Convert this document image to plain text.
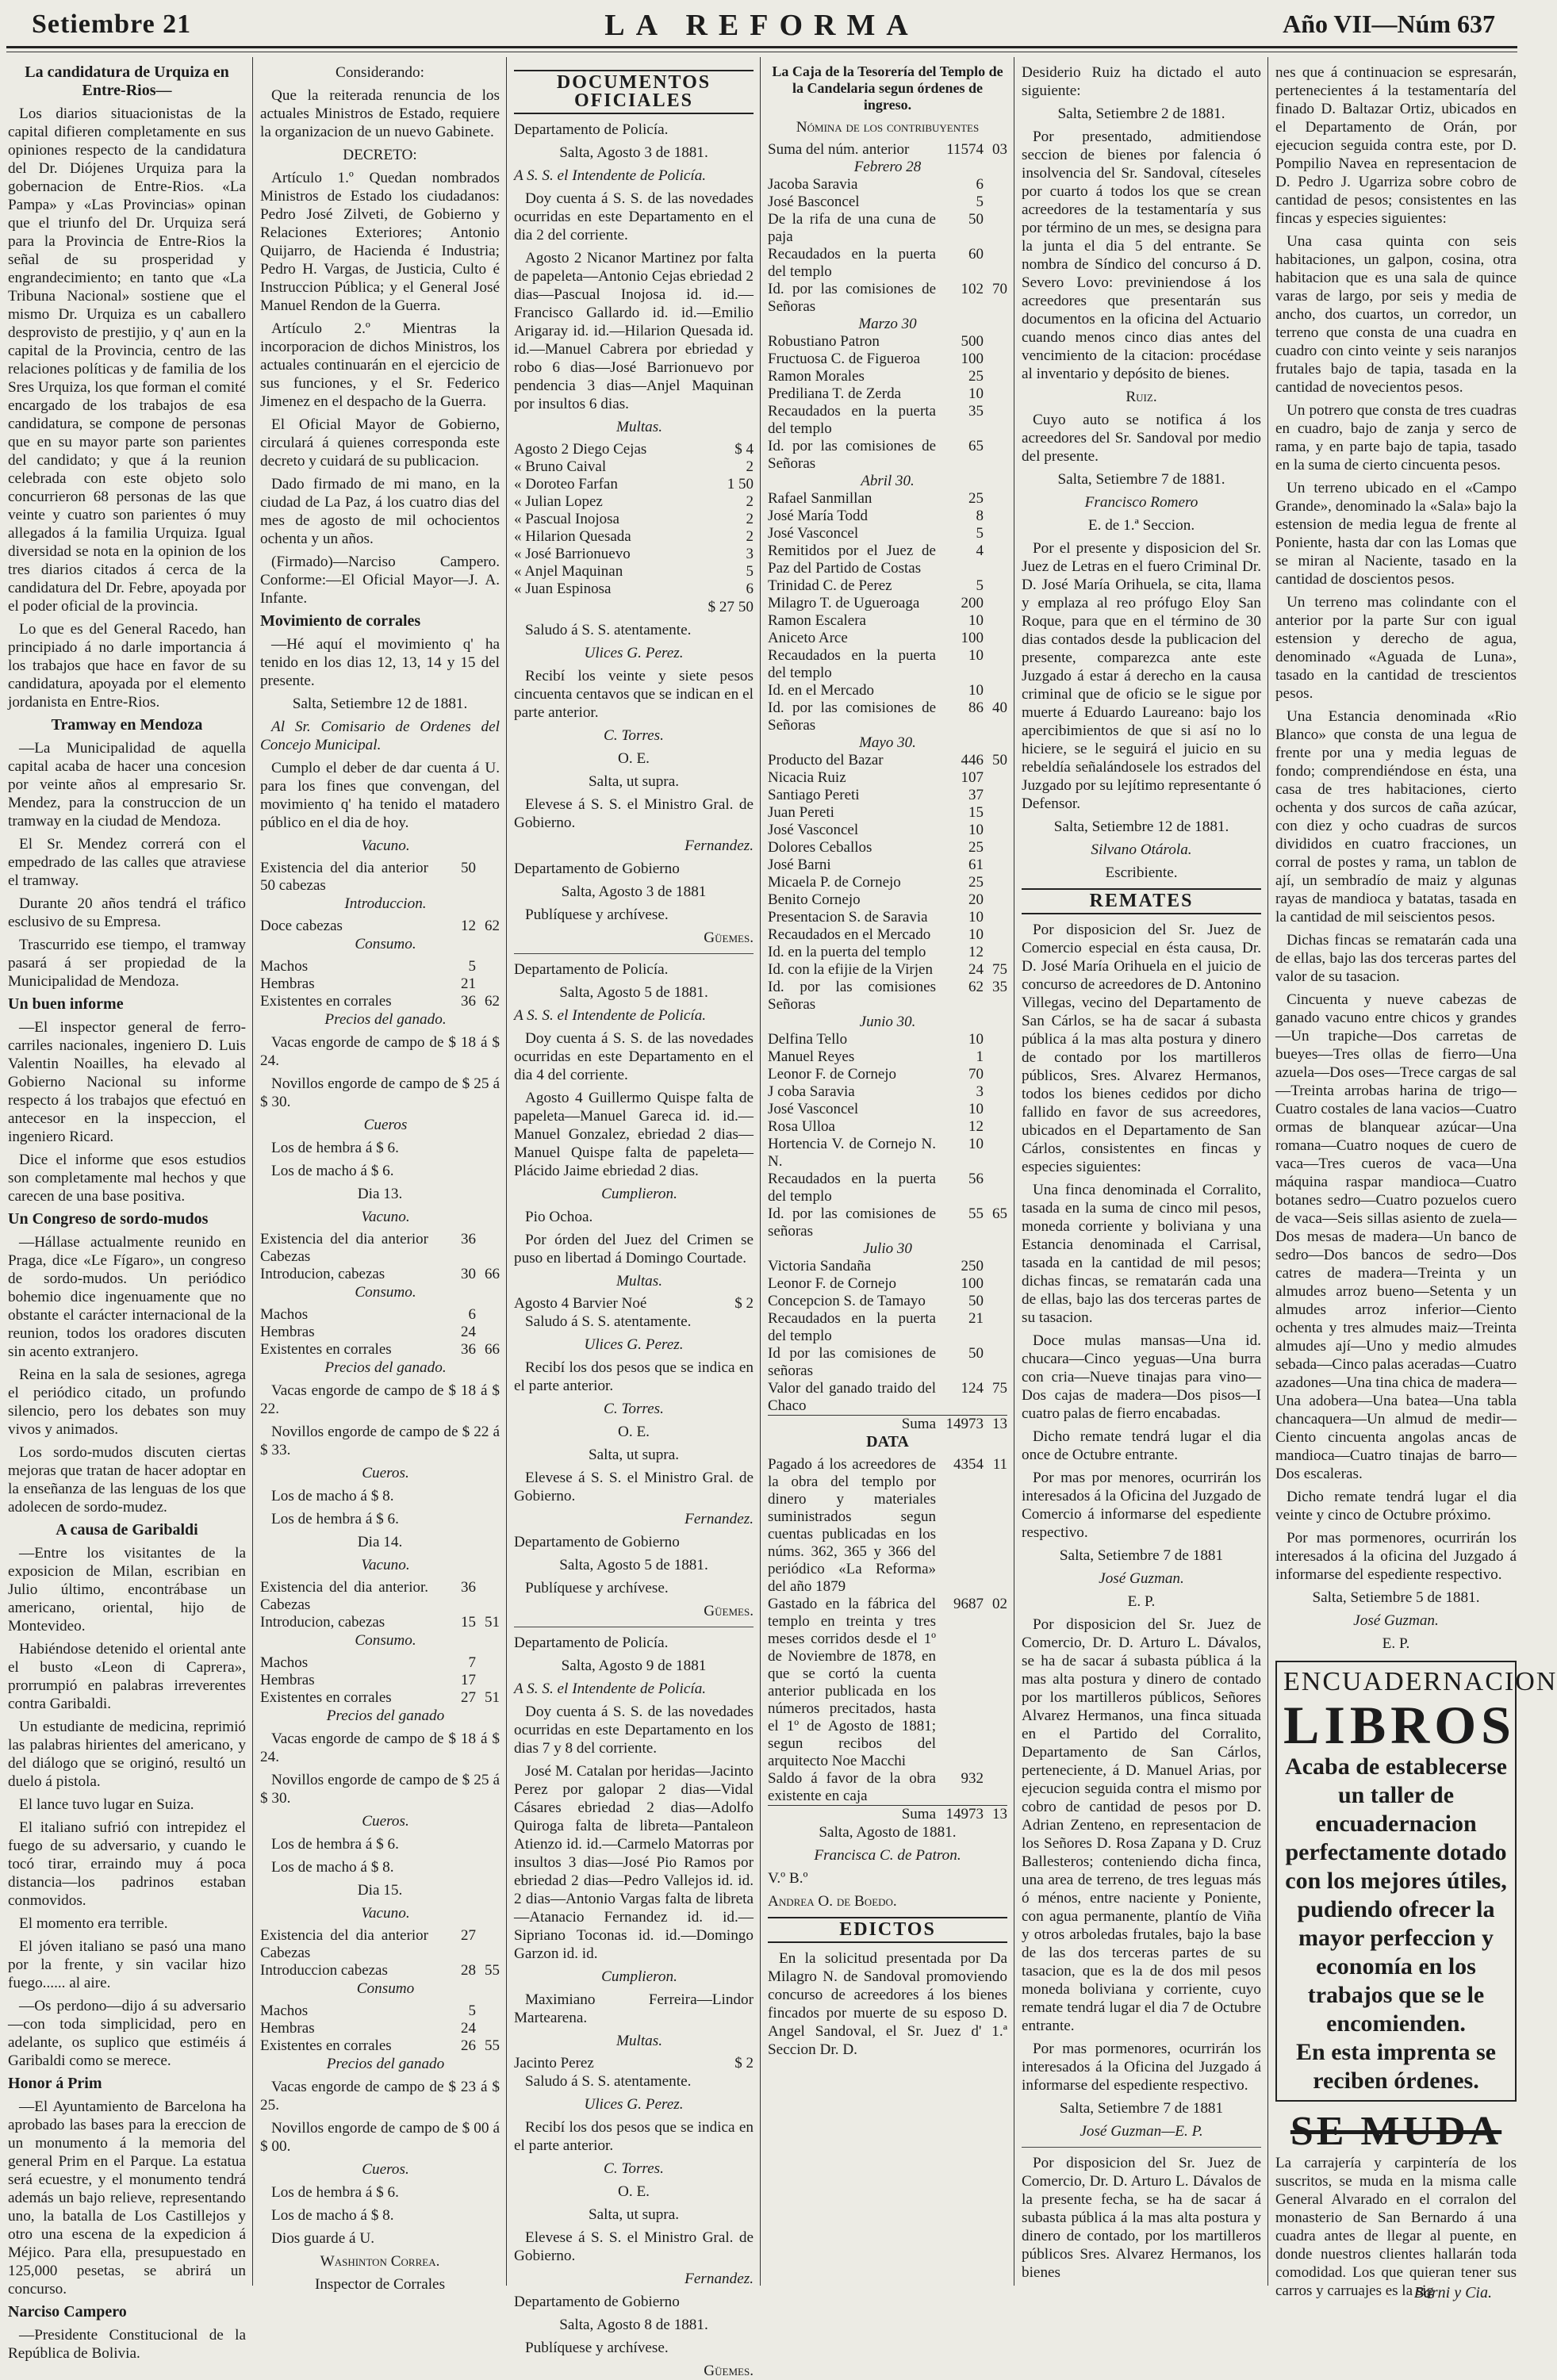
Setiembre 21	LA REFORMA	Año VII—Núm 637

La candidatura de Urquiza en Entre-Rios—

Los diarios situacionistas de la capital difieren completamente en sus opiniones respecto de la candidatura del Dr. Diójenes Urquiza para la gobernacion de Entre-Rios. «La Pampa» y «Las Provincias» opinan que el triunfo del Dr. Urquiza será para la Provincia de Entre-Rios la señal de su prosperidad y engrandecimiento; en tanto que «La Tribuna Nacional» sostiene que el mismo Dr. Urquiza es un caballero desprovisto de prestijio, y q' aun en la capital de la Provincia, centro de las relaciones políticas y de familia de los Sres Urquiza, los que forman el comité encargado de los trabajos de esa candidatura, se compone de personas que en su mayor parte son parientes del candidato; y que á la reunion celebrada con este objeto solo concurrieron 68 personas de las que veinte y cuatro son parientes ó muy allegados á la familia Urquiza. Igual diversidad se nota en la opinion de los tres diarios citados á cerca de la candidatura del Dr. Febre, apoyada por el poder oficial de la provincia.

Lo que es del General Racedo, han principiado á no darle importancia á los trabajos que hace en favor de su candidatura, apoyada por el elemento jordanista en Entre-Rios.

Tramway en Mendoza

—La Municipalidad de aquella capital acaba de hacer una concesion por veinte años al empresario Sr. Mendez, para la construccion de un tramway en la ciudad de Mendoza.

El Sr. Mendez correrá con el empedrado de las calles que atraviese el tramway.

Durante 20 años tendrá el tráfico esclusivo de su Empresa.

Trascurrido ese tiempo, el tramway pasará á ser propiedad de la Municipalidad de Mendoza.

Un buen informe

—El inspector general de ferro-carriles nacionales, ingeniero D. Luis Valentin Noailles, ha elevado al Gobierno Nacional su informe respecto á los trabajos que efectuó en antecesor en la inspeccion, el ingeniero Ricard.

Dice el informe que esos estudios son completamente mal hechos y que carecen de una base positiva.

Un Congreso de sordo-mudos

—Hállase actualmente reunido en Praga, dice «Le Fígaro», un congreso de sordo-mudos. Un periódico bohemio dice ingenuamente que no obstante el carácter internacional de la reunion, todos los oradores discuten sin acento extranjero.

Reina en la sala de sesiones, agrega el periódico citado, un profundo silencio, pero los debates son muy vivos y animados.

Los sordo-mudos discuten ciertas mejoras que tratan de hacer adoptar en la enseñanza de las lenguas de los que adolecen de sordo-mudez.

A causa de Garibaldi

—Entre los visitantes de la exposicion de Milan, escribian en Julio último, encontrábase un americano, oriental, hijo de Montevideo.

Habiéndose detenido el oriental ante el busto «Leon di Caprera», prorrumpió en palabras irreverentes contra Garibaldi.

Un estudiante de medicina, reprimió las palabras hirientes del americano, y del diálogo que se originó, resultó un duelo á pistola.

El lance tuvo lugar en Suiza.

El italiano sufrió con intrepidez el fuego de su adversario, y cuando le tocó tirar, erraindo muy á poca distancia—los padrinos estaban conmovidos.

El momento era terrible.

El jóven italiano se pasó una mano por la frente, y sin vacilar hizo fuego...... al aire.

—Os perdono—dijo á su adversario—con toda simplicidad, pero en adelante, os suplico que estiméis á Garibaldi como se merece.

Honor á Prim

—El Ayuntamiento de Barcelona ha aprobado las bases para la ereccion de un monumento á la memoria del general Prim en el Parque. La estatua será ecuestre, y el monumento tendrá además un bajo relieve, representando uno, la batalla de Los Castillejos y otro una escena de la expedicion á Méjico. Para ella, presupuestado en 125,000 pesetas, se abrirá un concurso.

Narciso Campero

—Presidente Constitucional de la República de Bolivia.

Considerando:

Que la reiterada renuncia de los actuales Ministros de Estado, requiere la organizacion de un nuevo Gabinete.

DECRETO:

Artículo 1.º Quedan nombrados Ministros de Estado los ciudadanos: Pedro José Zilveti, de Gobierno y Relaciones Exteriores; Antonio Quijarro, de Hacienda é Industria; Pedro H. Vargas, de Justicia, Culto é Instruccion Pública; y el General José Manuel Rendon de la Guerra.

Artículo 2.º Mientras la incorporacion de dichos Ministros, los actuales continuarán en el ejercicio de sus funciones, y el Sr. Federico Jimenez en el despacho de la Guerra.

El Oficial Mayor de Gobierno, circulará á quienes corresponda este decreto y cuidará de su publicacion.

Dado firmado de mi mano, en la ciudad de La Paz, á los cuatro dias del mes de agosto de mil ochocientos ochenta y un años.

(Firmado)—Narciso Campero. Conforme:—El Oficial Mayor—J. A. Infante.

Movimiento de corrales

—Hé aquí el movimiento q' ha tenido en los dias 12, 13, 14 y 15 del presente.

Salta, Setiembre 12 de 1881.

Al Sr. Comisario de Ordenes del Concejo Municipal.

Cumplo el deber de dar cuenta á U. para los fines que convengan, del movimiento q' ha tenido el matadero público en el dia de hoy.

Vacuno.

Existencia del dia anterior 50 cabezas	50	

Introduccion.

Doce cabezas	12	62

Consumo.

Machos	5	
Hembras	21	
Existentes en corrales	36	62

Precios del ganado.

Vacas engorde de campo de $ 18 á $ 24.

Novillos engorde de campo de $ 25 á $ 30.

Cueros

Los de hembra á $ 6.

Los de macho á $ 6.

Dia 13.

Vacuno.

Existencia del dia anterior Cabezas	36	
Introducion, cabezas	30	66

Consumo.

Machos	6	
Hembras	24	
Existentes en corrales	36	66

Precios del ganado.

Vacas engorde de campo de $ 18 á $ 22.

Novillos engorde de campo de $ 22 á $ 33.

Cueros.

Los de macho á $ 8.

Los de hembra á $ 6.

Dia 14.

Vacuno.

Existencia del dia anterior. Cabezas	36	
Introducion, cabezas	15	51

Consumo.

Machos	7	
Hembras	17	
Existentes en corrales	27	51

Precios del ganado

Vacas engorde de campo de $ 18 á $ 24.

Novillos engorde de campo de $ 25 á $ 30.

Cueros.

Los de hembra á $ 6.

Los de macho á $ 8.

Dia 15.

Vacuno.

Existencia del dia anterior Cabezas	27	
Introduccion cabezas	28	55

Consumo

Machos	5	
Hembras	24	
Existentes en corrales	26	55

Precios del ganado

Vacas engorde de campo de $ 23 á $ 25.

Novillos engorde de campo de $ 00 á $ 00.

Cueros.

Los de hembra á $ 6.

Los de macho á $ 8.

Dios guarde á U.

Washinton Correa.

Inspector de Corrales

DOCUMENTOS OFICIALES

Departamento de Policía.

Salta, Agosto 3 de 1881.

A S. S. el Intendente de Policía.

Doy cuenta á S. S. de las novedades ocurridas en este Departamento en el dia 2 del corriente.

Agosto 2 Nicanor Martinez por falta de papeleta—Antonio Cejas ebriedad 2 dias—Pascual Inojosa id. id.—Francisco Gallardo id. id.—Emilio Arigaray id. id.—Hilarion Quesada id. id.—Manuel Cabrera por ebriedad y robo 6 dias—José Barrionuevo por pendencia 3 dias—Anjel Maquinan por insultos 6 dias.

Multas.

Agosto 2 Diego Cejas	$ 4
« Bruno Caival	2
« Doroteo Farfan	1 50
« Julian Lopez	2
« Pascual Inojosa	2
« Hilarion Quesada	2
« José Barrionuevo	3
« Anjel Maquinan	5
« Juan Espinosa	6

$ 27 50

Saludo á S. S. atentamente.

Ulices G. Perez.

Recibí los veinte y siete pesos cincuenta centavos que se indican en el parte anterior.

C. Torres.

O. E.

Salta, ut supra.

Elevese á S. S. el Ministro Gral. de Gobierno.

Fernandez.

Departamento de Gobierno

Salta, Agosto 3 de 1881

Publíquese y archívese.

Güemes.

Departamento de Policía.

Salta, Agosto 5 de 1881.

A S. S. el Intendente de Policía.

Doy cuenta á S. S. de las novedades ocurridas en este Departamento en el dia 4 del corriente.

Agosto 4 Guillermo Quispe falta de papeleta—Manuel Gareca id. id.—Manuel Gonzalez, ebriedad 2 dias—Manuel Quispe falta de papeleta—Plácido Jaime ebriedad 2 dias.

Cumplieron.

Pio Ochoa.

Por órden del Juez del Crimen se puso en libertad á Domingo Courtade.

Multas.

Agosto 4 Barvier Noé	$ 2

Saludo á S. S. atentamente.

Ulices G. Perez.

Recibí los dos pesos que se indica en el parte anterior.

C. Torres.

O. E.

Salta, ut supra.

Elevese á S. S. el Ministro Gral. de Gobierno.

Fernandez.

Departamento de Gobierno

Salta, Agosto 5 de 1881.

Publíquese y archívese.

Güemes.

Departamento de Policía.

Salta, Agosto 9 de 1881

A S. S. el Intendente de Policía.

Doy cuenta á S. S. de las novedades ocurridas en este Departamento en los dias 7 y 8 del corriente.

José M. Catalan por heridas—Jacinto Perez por galopar 2 dias—Vidal Cásares ebriedad 2 dias—Adolfo Quiroga falta de libreta—Pantaleon Atienzo id. id.—Carmelo Matorras por insultos 3 dias—José Pio Ramos por ebriedad 2 dias—Pedro Vallejos id. id. 2 dias—Antonio Vargas falta de libreta—Atanacio Fernandez id. id.—Sipriano Toconas id. id.—Domingo Garzon id. id.

Cumplieron.

Maximiano Ferreira—Lindor Martearena.

Multas.

Jacinto Perez	$ 2

Saludo á S. S. atentamente.

Ulices G. Perez.

Recibí los dos pesos que se indica en el parte anterior.

C. Torres.

O. E.

Salta, ut supra.

Elevese á S. S. el Ministro Gral. de Gobierno.

Fernandez.

Departamento de Gobierno

Salta, Agosto 8 de 1881.

Publíquese y archívese.

Güemes.

La Caja de la Tesorería del Templo de la Candelaria segun órdenes de ingreso.

Nómina de los contribuyentes

Suma del núm. anterior	11574	03
Febrero 28		
Jacoba Saravia	6	
José Basconcel	5	
De la rifa de una cuna de paja	50	
Recaudados en la puerta del templo	60	
Id. por las comisiones de Señoras	102	70
Marzo 30		
Robustiano Patron	500	
Fructuosa C. de Figueroa	100	
Ramon Morales	25	
Prediliana T. de Zerda	10	
Recaudados en la puerta del templo	35	
Id. por las comisiones de Señoras	65	
Abril 30.		
Rafael Sanmillan	25	
José María Todd	8	
José Vasconcel	5	
Remitidos por el Juez de Paz del Partido de Costas	4	
Trinidad C. de Perez	5	
Milagro T. de Ugueroaga	200	
Ramon Escalera	10	
Aniceto Arce	100	
Recaudados en la puerta del templo	10	
Id. en el Mercado	10	
Id. por las comisiones de Señoras	86	40
Mayo 30.		
Producto del Bazar	446	50
Nicacia Ruiz	107	
Santiago Pereti	37	
Juan Pereti	15	
José Vasconcel	10	
Dolores Ceballos	25	
José Barni	61	
Micaela P. de Cornejo	25	
Benito Cornejo	20	
Presentacion S. de Saravia	10	
Recaudados en el Mercado	10	
Id. en la puerta del templo	12	
Id. con la efijie de la Virjen	24	75
Id. por las comisiones Señoras	62	35
Junio 30.		
Delfina Tello	10	
Manuel Reyes	1	
Leonor F. de Cornejo	70	
J coba Saravia	3	
José Vasconcel	10	
Rosa Ulloa	12	
Hortencia V. de Cornejo N. N.	10	
Recaudados en la puerta del templo	56	
Id. por las comisiones de señoras	55	65
Julio 30		
Victoria Sandaña	250	
Leonor F. de Cornejo	100	
Concepcion S. de Tamayo	50	
Recaudados en la puerta del templo	21	
Id por las comisiones de señoras	50	
Valor del ganado traido del Chaco	124	75
Suma	14973	13

DATA

Pagado á los acreedores de la obra del templo por dinero y materiales suministrados segun cuentas publicadas en los núms. 362, 365 y 366 del periódico «La Reforma» del año 1879	4354	11
Gastado en la fábrica del templo en treinta y tres meses corridos desde el 1º de Noviembre de 1878, en que se cortó la cuenta anterior publicada en los números precitados, hasta el 1º de Agosto de 1881; segun recibos del arquitecto Noe Macchi	9687	02
Saldo á favor de la obra existente en caja	932	
Suma	14973	13

Salta, Agosto de 1881.

Francisca C. de Patron.

V.º B.º

Andrea O. de Boedo.

EDICTOS

En la solicitud presentada por Da Milagro N. de Sandoval promoviendo concurso de acreedores á los bienes fincados por muerte de su esposo D. Angel Sandoval, el Sr. Juez d' 1.ª Seccion Dr. D.

Desiderio Ruiz ha dictado el auto siguiente:

Salta, Setiembre 2 de 1881.

Por presentado, admitiendose seccion de bienes por falencia ó insolvencia del Sr. Sandoval, cíteseles por cuarto á todos los que se crean acreedores de la testamentaría y sus por término de un mes, se designa para la junta el dia 5 del entrante. Se nombra de Síndico del concurso á D. Severo Lovo: previniendose á los acreedores que presentarán sus documentos en la oficina del Actuario cuando menos cinco dias antes del vencimiento de la citacion: procédase al inventario y depósito de bienes.

Ruiz.

Cuyo auto se notifica á los acreedores del Sr. Sandoval por medio del presente.

Salta, Setiembre 7 de 1881.

Francisco Romero

E. de 1.ª Seccion.

Por el presente y disposicion del Sr. Juez de Letras en el fuero Criminal Dr. D. José María Orihuela, se cita, llama y emplaza al reo prófugo Eloy San Roque, para que en el término de 30 dias contados desde la publicacion del presente, comparezca ante este Juzgado á estar á derecho en la causa criminal que de oficio se le sigue por muerte á Eduardo Laureano: bajo los apercibimientos de que si así no lo hiciere, se le seguirá el juicio en su rebeldía señalándosele los estrados del Juzgado por su lejítimo representante ó Defensor.

Salta, Setiembre 12 de 1881.

Silvano Otárola.

Escribiente.

REMATES

Por disposicion del Sr. Juez de Comercio especial en ésta causa, Dr. D. José María Orihuela en el juicio de concurso de acreedores de D. Antonino Villegas, vecino del Departamento de San Cárlos, se ha de sacar á subasta pública á la mas alta postura y dinero de contado por los martilleros públicos, Sres. Alvarez Hermanos, todos los bienes cedidos por dicho fallido en favor de sus acreedores, ubicados en el Departamento de San Cárlos, consistentes en fincas y especies siguientes:

Una finca denominada el Corralito, tasada en la suma de cinco mil pesos, moneda corriente y boliviana y una Estancia denominada el Carrisal, tasada en la cantidad de mil pesos; dichas fincas, se rematarán cada una de ellas, bajo las dos terceras partes de su tasacion.

Doce mulas mansas—Una id. chucara—Cinco yeguas—Una burra con cria—Nueve tinajas para vino—Dos cajas de madera—Dos pisos—I cuatro palas de fierro encabadas.

Dicho remate tendrá lugar el dia once de Octubre entrante.

Por mas por menores, ocurrirán los interesados á la Oficina del Juzgado de Comercio á informarse del espediente respectivo.

Salta, Setiembre 7 de 1881

José Guzman.

E. P.

Por disposicion del Sr. Juez de Comercio, Dr. D. Arturo L. Dávalos, se ha de sacar á subasta pública á la mas alta postura y dinero de contado por los martilleros públicos, Señores Alvarez Hermanos, una finca situada en el Partido del Corralito, Departamento de San Cárlos, perteneciente, á D. Manuel Arias, por ejecucion seguida contra el mismo por cobro de cantidad de pesos por D. Adrian Zenteno, en representacion de los Señores D. Rosa Zapana y D. Cruz Ballesteros; conteniendo dicha finca, una area de terreno, de tres leguas más ó ménos, entre naciente y Poniente, con agua permanente, plantío de Viña y otros arboledas frutales, bajo la base de las dos terceras partes de su tasacion, que es la de dos mil pesos moneda boliviana y corriente, cuyo remate tendrá lugar el dia 7 de Octubre entrante.

Por mas pormenores, ocurrirán los interesados á la Oficina del Juzgado á informarse del espediente respectivo.

Salta, Setiembre 7 de 1881

José Guzman—E. P.

Por disposicion del Sr. Juez de Comercio, Dr. D. Arturo L. Dávalos de la presente fecha, se ha de sacar á subasta pública á la mas alta postura y dinero de contado, por los martilleros públicos Sres. Alvarez Hermanos, los bienes

nes que á continuacion se espresarán, pertenecientes á la testamentaría del finado D. Baltazar Ortiz, ubicados en el Departamento de Orán, por ejecucion seguida contra este, por D. Pompilio Navea en representacion de D. Pedro J. Ugarriza sobre cobro de cantidad de pesos; consistentes en las fincas y especies siguientes:

Una casa quinta con seis habitaciones, un galpon, cosina, otra habitacion que es una sala de quince varas de largo, por seis y media de ancho, dos cuartos, un corredor, un terreno que consta de una cuadra en cuadro con cinto veinte y seis naranjos frutales bajo de tapia, tasada en la cantidad de novecientos pesos.

Un potrero que consta de tres cuadras en cuadro, bajo de zanja y serco de rama, y en parte bajo de tapia, tasado en la suma de cierto cincuenta pesos.

Un terreno ubicado en el «Campo Grande», denominado la «Sala» bajo la estension de media legua de frente al Poniente, hasta dar con las Lomas que se miran al Naciente, tasado en la cantidad de doscientos pesos.

Un terreno mas colindante con el anterior por la parte Sur con igual estension y derecho de agua, denominado «Aguada de Luna», tasado en la cantidad de trescientos pesos.

Una Estancia denominada «Rio Blanco» que consta de una legua de frente por una y media leguas de fondo; comprendiéndose en ésta, una casa de tres habitaciones, cierto ochenta y dos surcos de caña azúcar, con diez y ocho cuadras de surcos divididos en cuatro fracciones, un corral de postes y rama, un tablon de ají, un sembradío de maiz y algunas rayas de mandioca y batatas, tasada en la cantidad de mil seiscientos pesos.

Dichas fincas se rematarán cada una de ellas, bajo las dos terceras partes del valor de su tasacion.

Cincuenta y nueve cabezas de ganado vacuno entre chicos y grandes—Un trapiche—Dos carretas de bueyes—Tres ollas de fierro—Una azuela—Dos oses—Trece cargas de sal—Treinta arrobas harina de trigo—Cuatro costales de lana vacios—Cuatro ormas de blanquear azúcar—Una romana—Cuatro noques de cuero de vaca—Tres cueros de vaca—Una máquina raspar mandioca—Cuatro botanes sedro—Cuatro pozuelos cuero de vaca—Seis sillas asiento de zuela—Dos mesas de madera—Un banco de sedro—Dos bancos de sedro—Dos catres de madera—Treinta y un almudes arroz bueno—Setenta y un almudes arroz inferior—Ciento ochenta y tres almudes maiz—Treinta almudes ají—Uno y medio almudes sebada—Cinco palas aceradas—Cuatro azadones—Una tina chica de madera—Una adobera—Una batea—Una tabla chancaquera—Un almud de medir—Ciento cincuenta angolas ancas de mandioca—Cuatro tinajas de barro—Dos escaleras.

Dicho remate tendrá lugar el dia veinte y cinco de Octubre próximo.

Por mas pormenores, ocurrirán los interesados á la oficina del Juzgado á informarse del espediente respectivo.

Salta, Setiembre 5 de 1881.

José Guzman.

E. P.

ENCUADERNACION
LIBROS
Acaba de establecerse un taller de encuadernacion perfectamente dotado con los mejores útiles, pudiendo ofrecer la mayor perfeccion y economía en los trabajos que se le encomienden.
En esta imprenta se reciben órdenes.
SE MUDA
La carrajería y carpintería de los suscritos, se muda en la misma calle General Alvarado en el corralon del monasterio de San Bernardo á una cuadra antes de llegar al puente, en donde nuestros clientes hallarán toda comodidad. Los que quieran tener sus carros y carruajes es la sig
Barni y Cia.
